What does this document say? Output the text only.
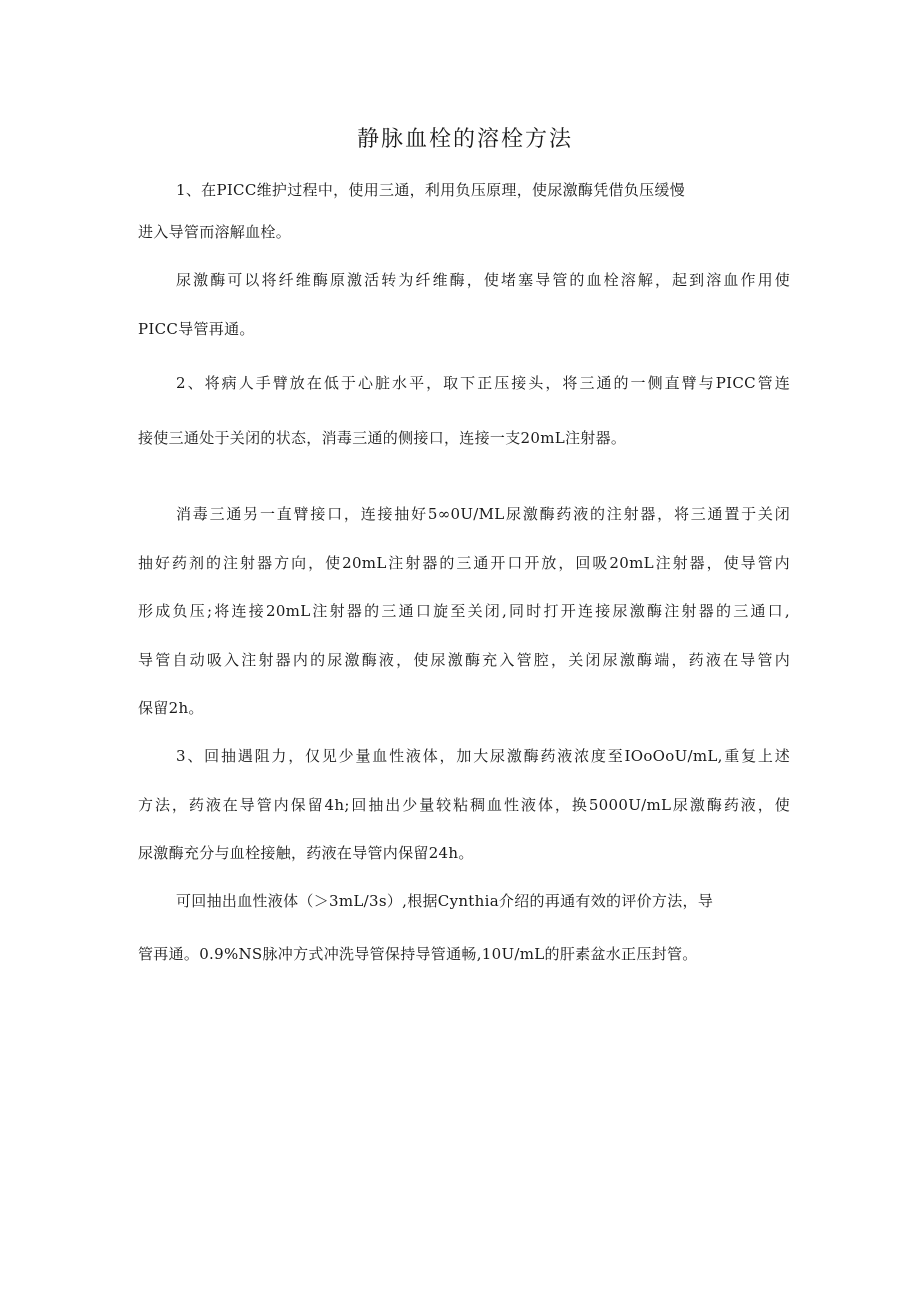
静脉血栓的溶栓方法
1、在PICC维护过程中，使用三通，利用负压原理，使尿激酶凭借负压缓慢
进入导管而溶解血栓。
尿激酶可以将纤维酶原激活转为纤维酶，使堵塞导管的血栓溶解，起到溶血作用使
PICC导管再通。
2、将病人手臂放在低于心脏水平，取下正压接头，将三通的一侧直臂与PICC管连
接使三通处于关闭的状态，消毒三通的侧接口，连接一支20mL注射器。
消毒三通另一直臂接口，连接抽好5∞0U/ML尿激酶药液的注射器，将三通置于关闭
抽好药剂的注射器方向，使20mL注射器的三通开口开放，回吸20mL注射器，使导管内
形成负压;将连接20mL注射器的三通口旋至关闭,同时打开连接尿激酶注射器的三通口,
导管自动吸入注射器内的尿激酶液，使尿激酶充入管腔，关闭尿激酶端，药液在导管内
保留2h。
3、回抽遇阻力，仅见少量血性液体，加大尿激酶药液浓度至IOoOoU/mL,重复上述
方法，药液在导管内保留4h;回抽出少量较粘稠血性液体，换5000U/mL尿激酶药液，使
尿激酶充分与血栓接触，药液在导管内保留24h。
可回抽出血性液体（＞3mL/3s）,根据Cynthia介绍的再通有效的评价方法，导
管再通。0.9%NS脉冲方式冲洗导管保持导管通畅,10U/mL的肝素盆水正压封管。
